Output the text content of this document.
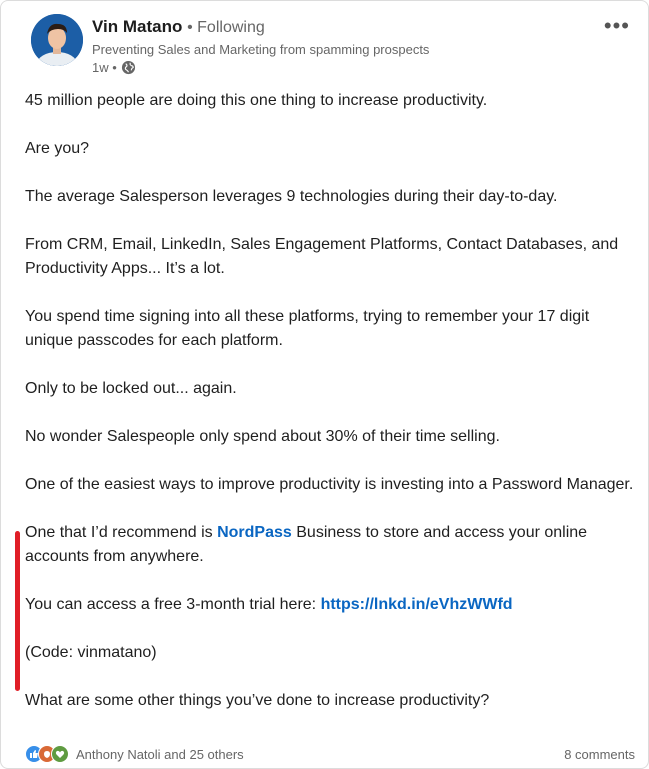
Vin Matano • Following
Preventing Sales and Marketing from spamming prospects
1w •
•••

45 million people are doing this one thing to increase productivity.

Are you?

The average Salesperson leverages 9 technologies during their day-to-day.

From CRM, Email, LinkedIn, Sales Engagement Platforms, Contact Databases, and Productivity Apps... It’s a lot.

You spend time signing into all these platforms, trying to remember your 17 digit unique passcodes for each platform.

Only to be locked out... again.

No wonder Salespeople only spend about 30% of their time selling.

One of the easiest ways to improve productivity is investing into a Password Manager.

One that I’d recommend is NordPass Business to store and access your online accounts from anywhere.

You can access a free 3-month trial here: https://lnkd.in/eVhzWWfd

(Code: vinmatano)

What are some other things you’ve done to increase productivity?

Anthony Natoli and 25 others	8 comments
